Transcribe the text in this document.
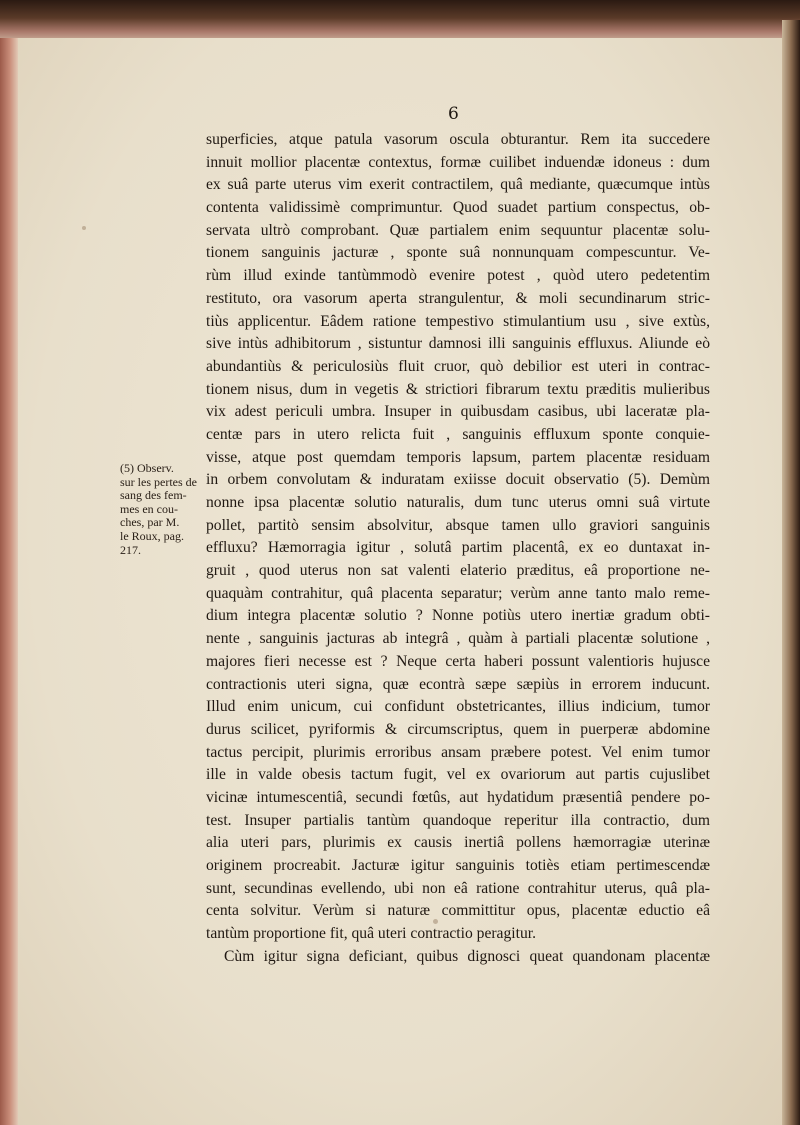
6
superficies, atque patula vasorum oscula obturantur. Rem ita succedere
innuit mollior placentæ contextus, formæ cuilibet induendæ idoneus : dum
ex suâ parte uterus vim exerit contractilem, quâ mediante, quæcumque intùs
contenta validissimè comprimuntur. Quod suadet partium conspectus, ob-
servata ultrò comprobant. Quæ partialem enim sequuntur placentæ solu-
tionem sanguinis jacturæ , sponte suâ nonnunquam compescuntur. Ve-
rùm illud exinde tantùmmodò evenire potest , quòd utero pedetentim
restituto, ora vasorum aperta strangulentur, & moli secundinarum stric-
tiùs applicentur. Eâdem ratione tempestivo stimulantium usu , sive extùs,
sive intùs adhibitorum , sistuntur damnosi illi sanguinis effluxus. Aliunde eò
abundantiùs & periculosiùs fluit cruor, quò debilior est uteri in contrac-
tionem nisus, dum in vegetis & strictiori fibrarum textu præditis mulieribus
vix adest periculi umbra. Insuper in quibusdam casibus, ubi laceratæ pla-
centæ pars in utero relicta fuit , sanguinis effluxum sponte conquie-
visse, atque post quemdam temporis lapsum, partem placentæ residuam
in orbem convolutam & induratam exiisse docuit observatio (5). Demùm
nonne ipsa placentæ solutio naturalis, dum tunc uterus omni suâ virtute
pollet, partitò sensim absolvitur, absque tamen ullo graviori sanguinis
effluxu? Hæmorragia igitur , solutâ partim placentâ, ex eo duntaxat in-
gruit , quod uterus non sat valenti elaterio præditus, eâ proportione ne-
quaquàm contrahitur, quâ placenta separatur; verùm anne tanto malo reme-
dium integra placentæ solutio ? Nonne potiùs utero inertiæ gradum obti-
nente , sanguinis jacturas ab integrâ , quàm à partiali placentæ solutione ,
majores fieri necesse est ? Neque certa haberi possunt valentioris hujusce
contractionis uteri signa, quæ econtrà sæpe sæpiùs in errorem inducunt.
Illud enim unicum, cui confidunt obstetricantes, illius indicium, tumor
durus scilicet, pyriformis & circumscriptus, quem in puerperæ abdomine
tactus percipit, plurimis erroribus ansam præbere potest. Vel enim tumor
ille in valde obesis tactum fugit, vel ex ovariorum aut partis cujuslibet
vicinæ intumescentiâ, secundi fœtûs, aut hydatidum præsentiâ pendere po-
test. Insuper partialis tantùm quandoque reperitur illa contractio, dum
alia uteri pars, plurimis ex causis inertiâ pollens hæmorragiæ uterinæ
originem procreabit. Jacturæ igitur sanguinis totiès etiam pertimescendæ
sunt, secundinas evellendo, ubi non eâ ratione contrahitur uterus, quâ pla-
centa solvitur. Verùm si naturæ committitur opus, placentæ eductio eâ
tantùm proportione fit, quâ uteri contractio peragitur.
Cùm igitur signa deficiant, quibus dignosci queat quandonam placentæ
(5) Observ.
sur les pertes de
sang des fem-
mes en cou-
ches, par M.
le Roux, pag.
217.
